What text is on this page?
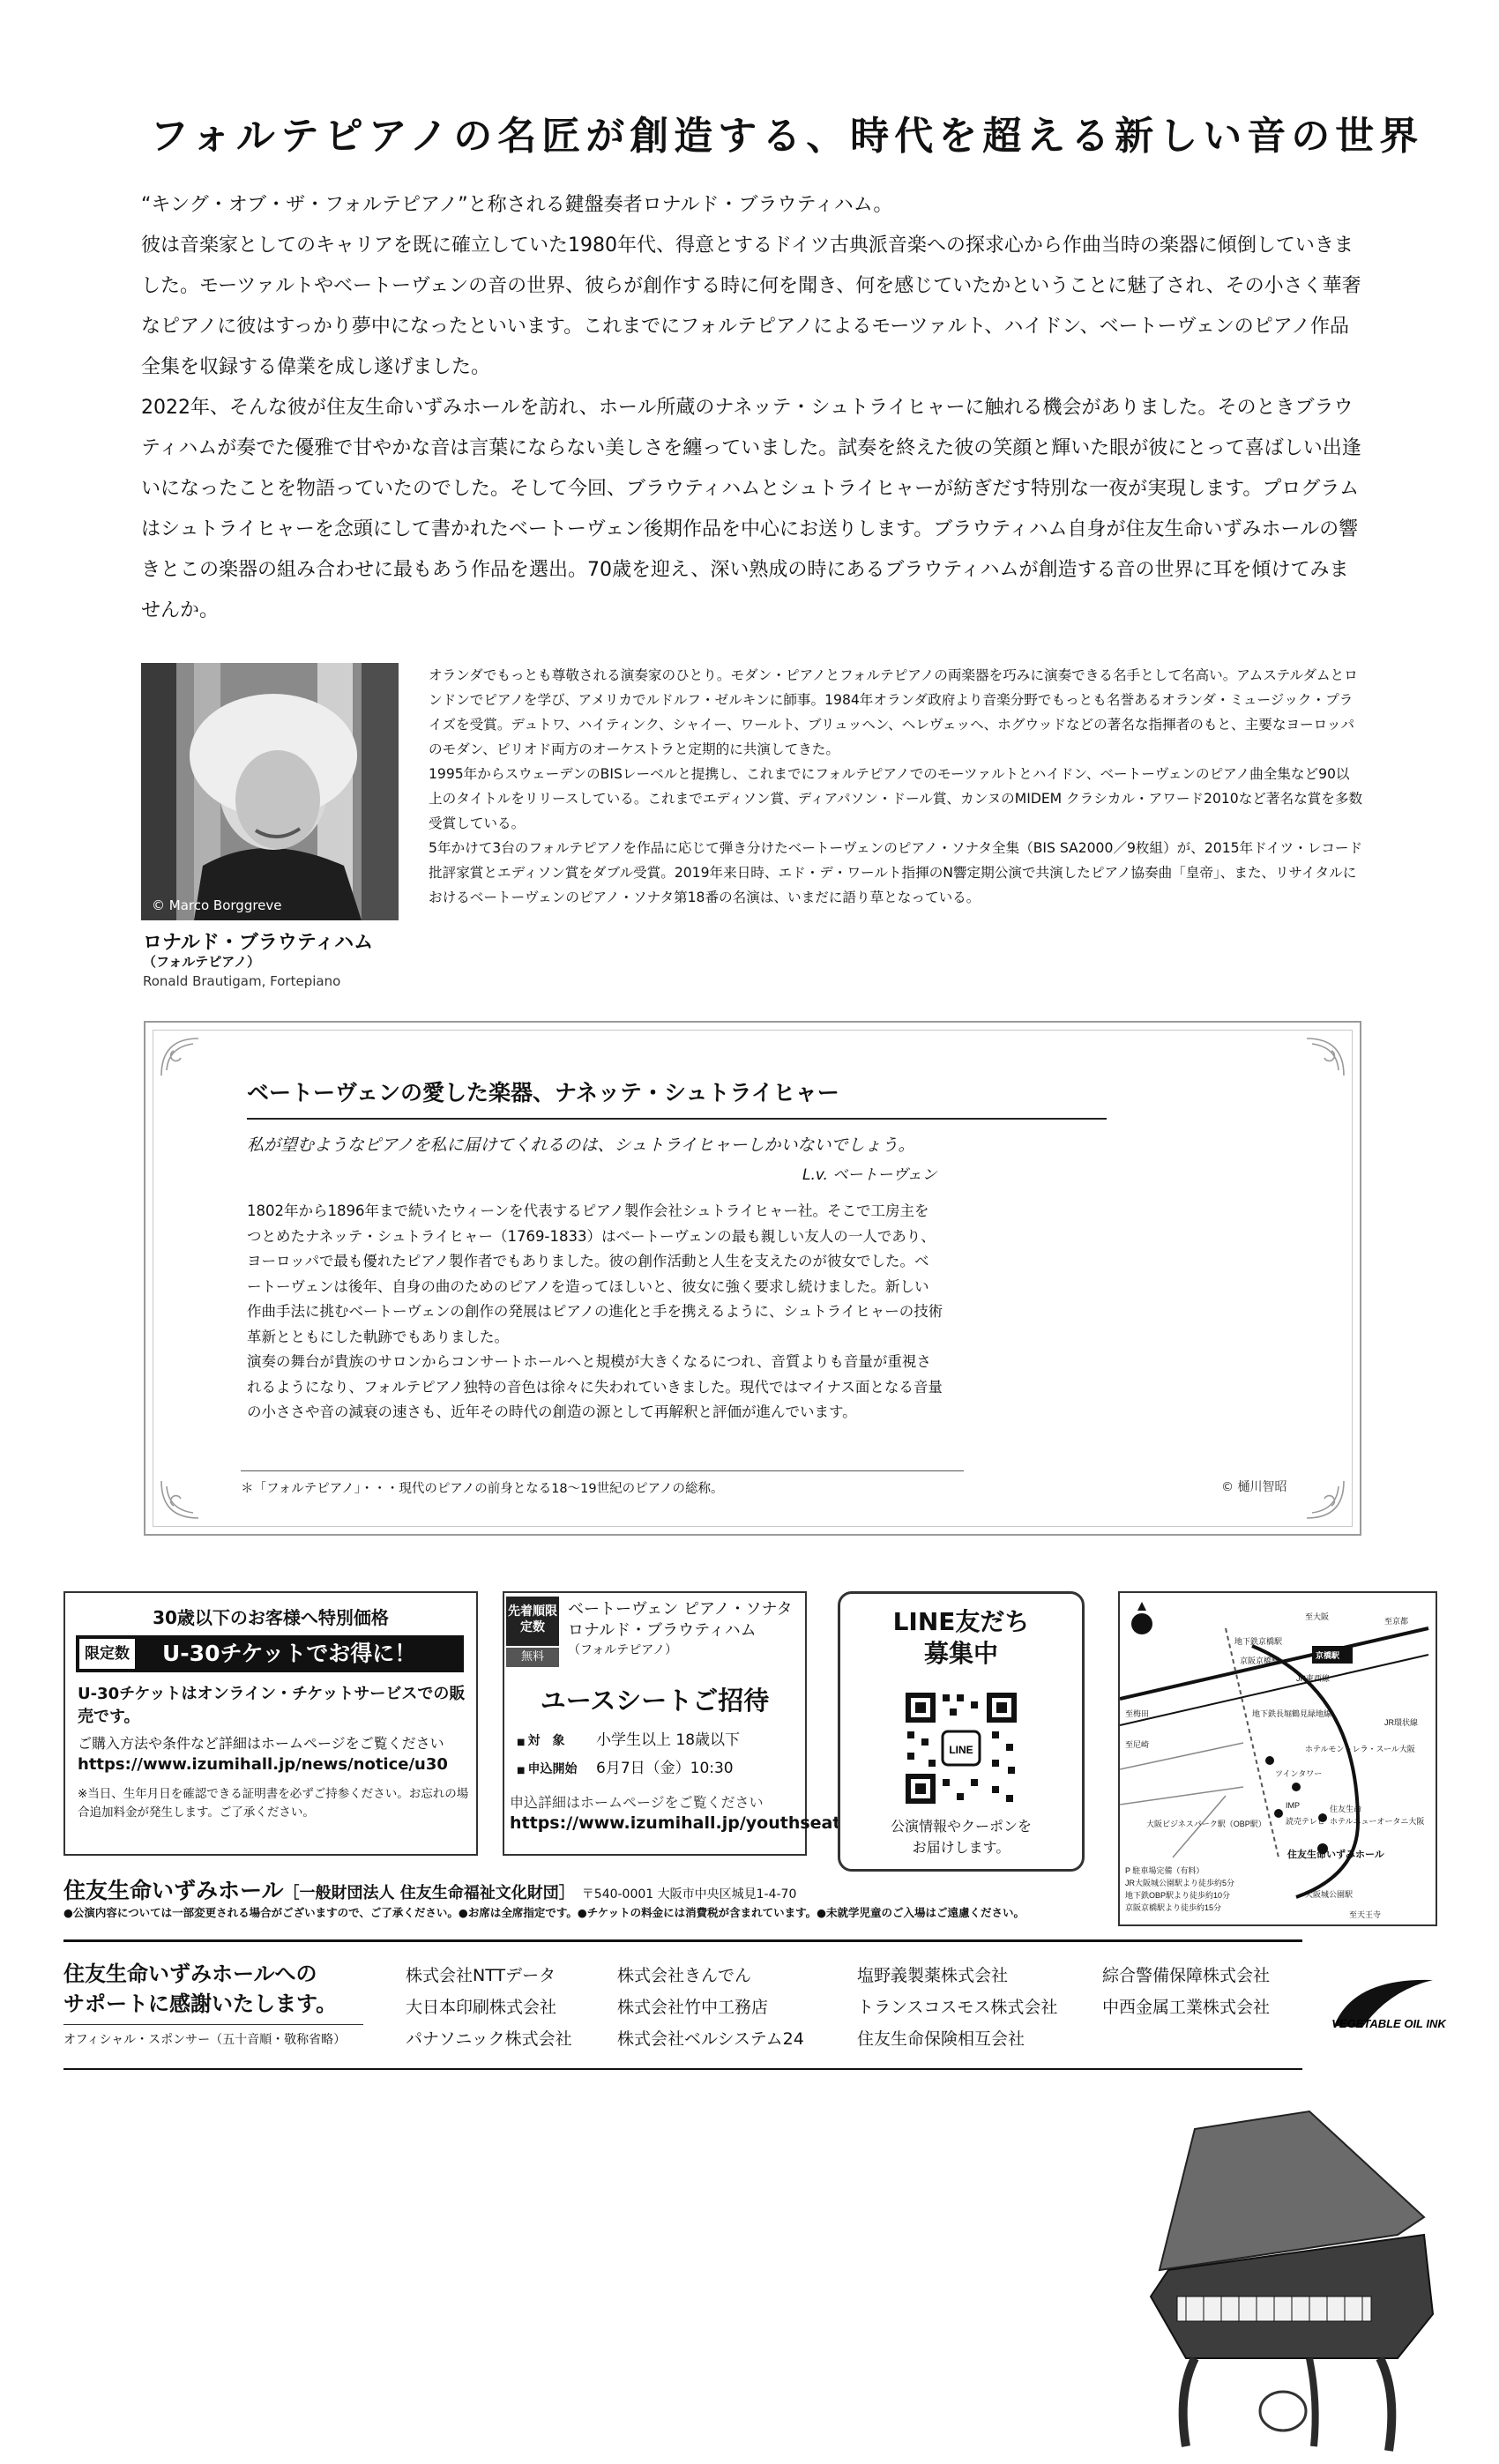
フォルテピアノの名匠が創造する、時代を超える新しい音の世界

“キング・オブ・ザ・フォルテピアノ”と称される鍵盤奏者ロナルド・ブラウティハム。

彼は音楽家としてのキャリアを既に確立していた1980年代、得意とするドイツ古典派音楽への探求心から作曲当時の楽器に傾倒していきました。モーツァルトやベートーヴェンの音の世界、彼らが創作する時に何を聞き、何を感じていたかということに魅了され、その小さく華奢なピアノに彼はすっかり夢中になったといいます。これまでにフォルテピアノによるモーツァルト、ハイドン、ベートーヴェンのピアノ作品全集を収録する偉業を成し遂げました。

2022年、そんな彼が住友生命いずみホールを訪れ、ホール所蔵のナネッテ・シュトライヒャーに触れる機会がありました。そのときブラウティハムが奏でた優雅で甘やかな音は言葉にならない美しさを纏っていました。試奏を終えた彼の笑顔と輝いた眼が彼にとって喜ばしい出逢いになったことを物語っていたのでした。そして今回、ブラウティハムとシュトライヒャーが紡ぎだす特別な一夜が実現します。プログラムはシュトライヒャーを念頭にして書かれたベートーヴェン後期作品を中心にお送りします。ブラウティハム自身が住友生命いずみホールの響きとこの楽器の組み合わせに最もあう作品を選出。70歳を迎え、深い熟成の時にあるブラウティハムが創造する音の世界に耳を傾けてみませんか。

© Marco Borggreve
ロナルド・ブラウティハム
（フォルテピアノ）
Ronald Brautigam, Fortepiano

オランダでもっとも尊敬される演奏家のひとり。モダン・ピアノとフォルテピアノの両楽器を巧みに演奏できる名手として名高い。アムステルダムとロンドンでピアノを学び、アメリカでルドルフ・ゼルキンに師事。1984年オランダ政府より音楽分野でもっとも名誉あるオランダ・ミュージック・プライズを受賞。デュトワ、ハイティンク、シャイー、ワールト、ブリュッヘン、ヘレヴェッヘ、ホグウッドなどの著名な指揮者のもと、主要なヨーロッパのモダン、ピリオド両方のオーケストラと定期的に共演してきた。

1995年からスウェーデンのBISレーベルと提携し、これまでにフォルテピアノでのモーツァルトとハイドン、ベートーヴェンのピアノ曲全集など90以上のタイトルをリリースしている。これまでエディソン賞、ディアパソン・ドール賞、カンヌのMIDEM クラシカル・アワード2010など著名な賞を多数受賞している。

5年かけて3台のフォルテピアノを作品に応じて弾き分けたベートーヴェンのピアノ・ソナタ全集（BIS SA2000／9枚組）が、2015年ドイツ・レコード批評家賞とエディソン賞をダブル受賞。2019年来日時、エド・デ・ワールト指揮のN響定期公演で共演したピアノ協奏曲「皇帝」、また、リサイタルにおけるベートーヴェンのピアノ・ソナタ第18番の名演は、いまだに語り草となっている。

ベートーヴェンの愛した楽器、ナネッテ・シュトライヒャー
私が望むようなピアノを私に届けてくれるのは、シュトライヒャーしかいないでしょう。
L.v. ベートーヴェン

1802年から1896年まで続いたウィーンを代表するピアノ製作会社シュトライヒャー社。そこで工房主をつとめたナネッテ・シュトライヒャー（1769-1833）はベートーヴェンの最も親しい友人の一人であり、ヨーロッパで最も優れたピアノ製作者でもありました。彼の創作活動と人生を支えたのが彼女でした。ベートーヴェンは後年、自身の曲のためのピアノを造ってほしいと、彼女に強く要求し続けました。新しい作曲手法に挑むベートーヴェンの創作の発展はピアノの進化と手を携えるように、シュトライヒャーの技術革新とともにした軌跡でもありました。

演奏の舞台が貴族のサロンからコンサートホールへと規模が大きくなるにつれ、音質よりも音量が重視されるようになり、フォルテピアノ独特の音色は徐々に失われていきました。現代ではマイナス面となる音量の小ささや音の減衰の速さも、近年その時代の創造の源として再解釈と評価が進んでいます。

＊「フォルテピアノ」・・・現代のピアノの前身となる18〜19世紀のピアノの総称。	© 樋川智昭
30歳以下のお客様へ特別価格
限定数 U-30チケットでお得に！
U-30チケットはオンライン・チケットサービスでの販売です。
ご購入方法や条件など詳細はホームページをご覧ください
https://www.izumihall.jp/news/notice/u30
※当日、生年月日を確認できる証明書を必ずご持参ください。お忘れの場合追加料金が発生します。ご了承ください。
先着順限定数
無料
ベートーヴェン ピアノ・ソナタ
ロナルド・ブラウティハム
（フォルテピアノ）
ユースシートご招待
■ 対　象 小学生以上 18歳以下
■ 申込開始 6月7日（金）10:30
申込詳細はホームページをご覧ください
https://www.izumihall.jp/youthseat
LINE友だち
募集中
LINE
公演情報やクーポンを
お届けします。
至大阪
地下鉄京橋駅
京阪京橋駅
京橋駅
JR東西線
至京都
至梅田
至尼崎	ホテルモントレラ・スール大阪
ツインタワー
IMP	住友生命
読売テレビ ホテルニューオータニ大阪
大阪ビジネスパーク駅（OBP駅）
地下鉄長堀鶴見緑地線
JR環状線
住友生命いずみホール
大阪城公園駅
至天王寺
P 駐車場完備（有料）
JR大阪城公園駅より徒歩約5分
地下鉄OBP駅より徒歩約10分
京阪京橋駅より徒歩約15分
住友生命いずみホール［一般財団法人 住友生命福祉文化財団］ 〒540-0001 大阪市中央区城見1-4-70
●公演内容については一部変更される場合がございますので、ご了承ください。●お席は全席指定です。●チケットの料金には消費税が含まれています。●未就学児童のご入場はご遠慮ください。
住友生命いずみホールへの
サポートに感謝いたします。
オフィシャル・スポンサー（五十音順・敬称省略）
株式会社NTTデータ	株式会社きんでん	塩野義製薬株式会社	綜合警備保障株式会社
大日本印刷株式会社	株式会社竹中工務店	トランスコスモス株式会社	中西金属工業株式会社
パナソニック株式会社	株式会社ベルシステム24	住友生命保険相互会社
VEGETABLE OIL INK
